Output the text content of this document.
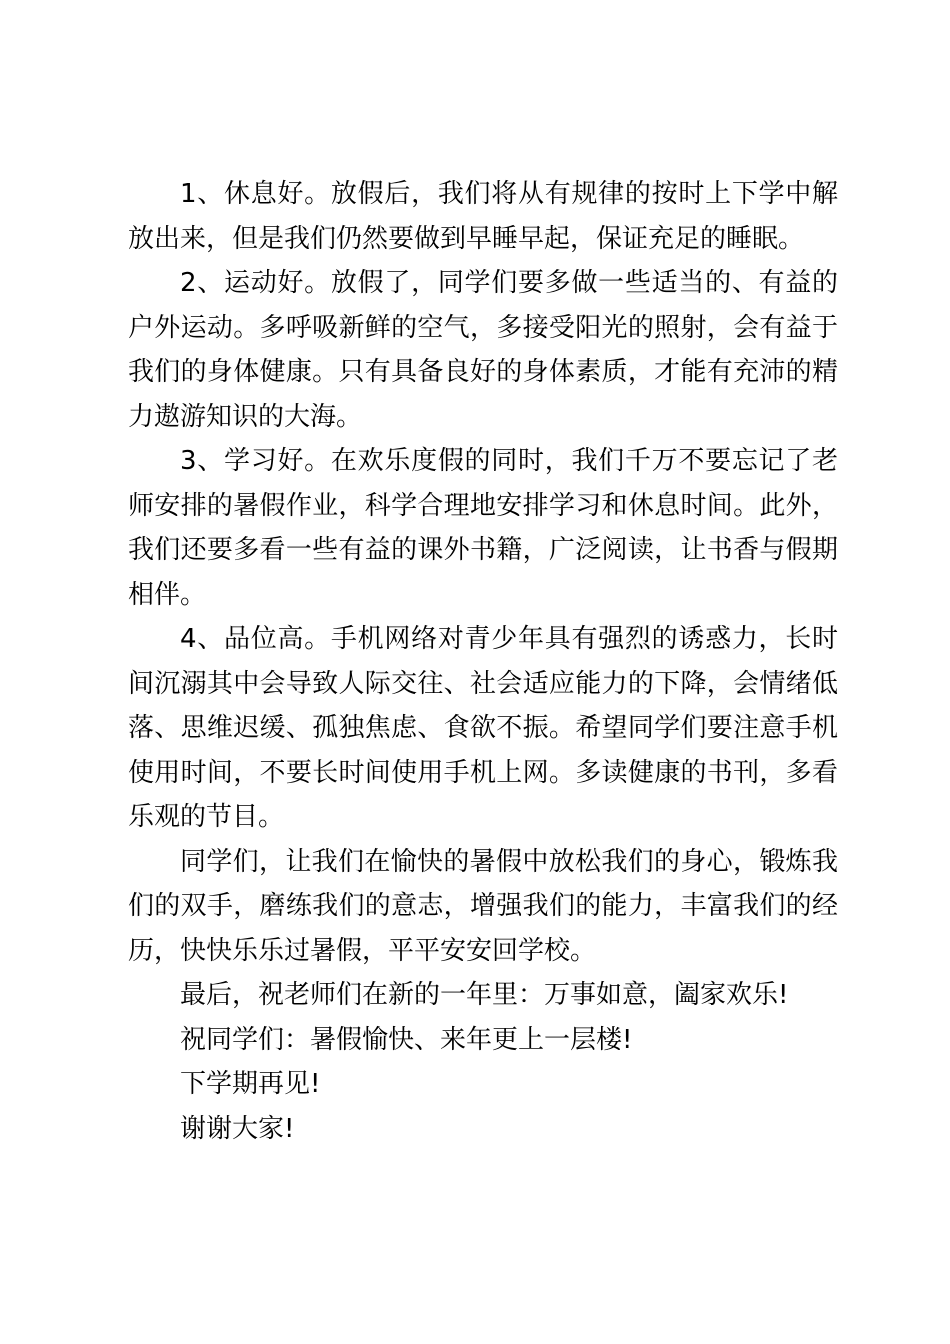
1、休息好。放假后，我们将从有规律的按时上下学中解放出来，但是我们仍然要做到早睡早起，保证充足的睡眠。

2、运动好。放假了，同学们要多做一些适当的、有益的户外运动。多呼吸新鲜的空气，多接受阳光的照射，会有益于我们的身体健康。只有具备良好的身体素质，才能有充沛的精力遨游知识的大海。

3、学习好。在欢乐度假的同时，我们千万不要忘记了老师安排的暑假作业，科学合理地安排学习和休息时间。此外，我们还要多看一些有益的课外书籍，广泛阅读，让书香与假期相伴。

4、品位高。手机网络对青少年具有强烈的诱惑力，长时间沉溺其中会导致人际交往、社会适应能力的下降，会情绪低落、思维迟缓、孤独焦虑、食欲不振。希望同学们要注意手机使用时间，不要长时间使用手机上网。多读健康的书刊，多看乐观的节目。

同学们，让我们在愉快的暑假中放松我们的身心，锻炼我们的双手，磨练我们的意志，增强我们的能力，丰富我们的经历，快快乐乐过暑假，平平安安回学校。

最后，祝老师们在新的一年里：万事如意，阖家欢乐!

祝同学们：暑假愉快、来年更上一层楼!

下学期再见!

谢谢大家!
